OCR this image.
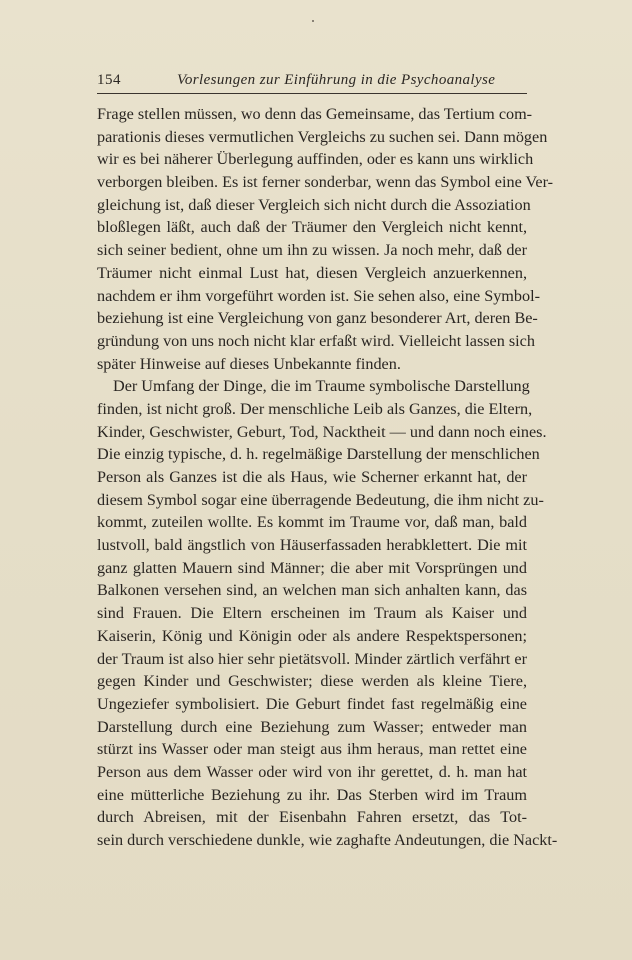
154	Vorlesungen zur Einführung in die Psychoanalyse
Frage stellen müssen, wo denn das Gemeinsame, das Tertium com-
parationis dieses vermutlichen Vergleichs zu suchen sei. Dann mögen
wir es bei näherer Überlegung auffinden, oder es kann uns wirklich
verborgen bleiben. Es ist ferner sonderbar, wenn das Symbol eine Ver-
gleichung ist, daß dieser Vergleich sich nicht durch die Assoziation
bloßlegen läßt, auch daß der Träumer den Vergleich nicht kennt,
sich seiner bedient, ohne um ihn zu wissen. Ja noch mehr, daß der
Träumer nicht einmal Lust hat, diesen Vergleich anzuerkennen,
nachdem er ihm vorgeführt worden ist. Sie sehen also, eine Symbol-
beziehung ist eine Vergleichung von ganz besonderer Art, deren Be-
gründung von uns noch nicht klar erfaßt wird. Vielleicht lassen sich
später Hinweise auf dieses Unbekannte finden.
Der Umfang der Dinge, die im Traume symbolische Darstellung
finden, ist nicht groß. Der menschliche Leib als Ganzes, die Eltern,
Kinder, Geschwister, Geburt, Tod, Nacktheit — und dann noch eines.
Die einzig typische, d. h. regelmäßige Darstellung der menschlichen
Person als Ganzes ist die als Haus, wie Scherner erkannt hat, der
diesem Symbol sogar eine überragende Bedeutung, die ihm nicht zu-
kommt, zuteilen wollte. Es kommt im Traume vor, daß man, bald
lustvoll, bald ängstlich von Häuserfassaden herabklettert. Die mit
ganz glatten Mauern sind Männer; die aber mit Vorsprüngen und
Balkonen versehen sind, an welchen man sich anhalten kann, das
sind Frauen. Die Eltern erscheinen im Traum als Kaiser und
Kaiserin, König und Königin oder als andere Respektspersonen;
der Traum ist also hier sehr pietätsvoll. Minder zärtlich verfährt er
gegen Kinder und Geschwister; diese werden als kleine Tiere,
Ungeziefer symbolisiert. Die Geburt findet fast regelmäßig eine
Darstellung durch eine Beziehung zum Wasser; entweder man
stürzt ins Wasser oder man steigt aus ihm heraus, man rettet eine
Person aus dem Wasser oder wird von ihr gerettet, d. h. man hat
eine mütterliche Beziehung zu ihr. Das Sterben wird im Traum
durch Abreisen, mit der Eisenbahn Fahren ersetzt, das Tot-
sein durch verschiedene dunkle, wie zaghafte Andeutungen, die Nackt-
